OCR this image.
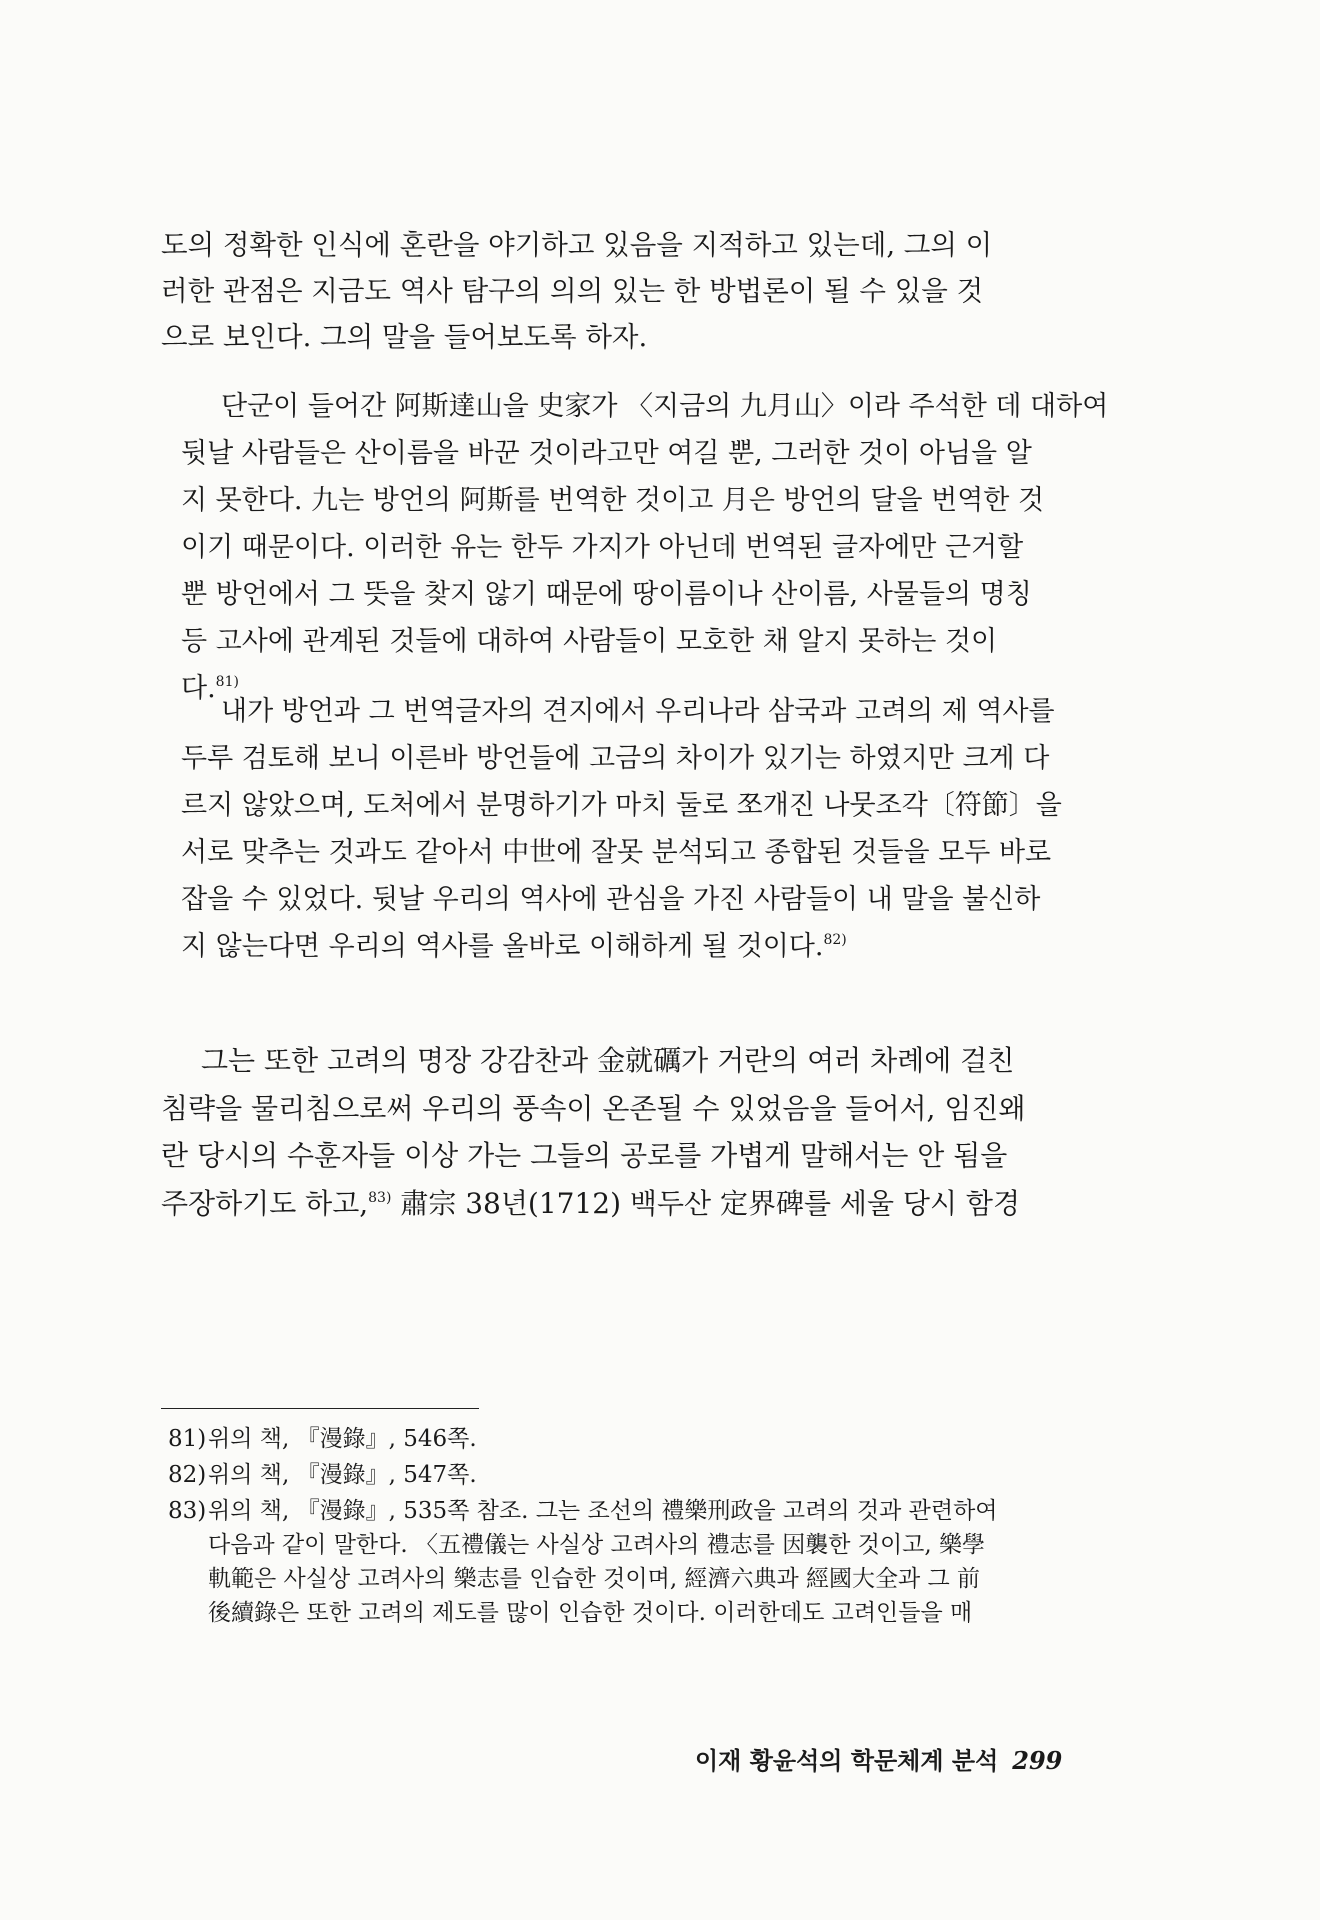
도의 정확한 인식에 혼란을 야기하고 있음을 지적하고 있는데, 그의 이
러한 관점은 지금도 역사 탐구의 의의 있는 한 방법론이 될 수 있을 것
으로 보인다. 그의 말을 들어보도록 하자.

단군이 들어간 阿斯達山을 史家가 〈지금의 九月山〉이라 주석한 데 대하여
뒷날 사람들은 산이름을 바꾼 것이라고만 여길 뿐, 그러한 것이 아님을 알
지 못한다. 九는 방언의 阿斯를 번역한 것이고 月은 방언의 달을 번역한 것
이기 때문이다. 이러한 유는 한두 가지가 아닌데 번역된 글자에만 근거할
뿐 방언에서 그 뜻을 찾지 않기 때문에 땅이름이나 산이름, 사물들의 명칭
등 고사에 관계된 것들에 대하여 사람들이 모호한 채 알지 못하는 것이
다.$^{81)}$

내가 방언과 그 번역글자의 견지에서 우리나라 삼국과 고려의 제 역사를
두루 검토해 보니 이른바 방언들에 고금의 차이가 있기는 하였지만 크게 다
르지 않았으며, 도처에서 분명하기가 마치 둘로 쪼개진 나뭇조각〔符節〕을
서로 맞추는 것과도 같아서 中世에 잘못 분석되고 종합된 것들을 모두 바로
잡을 수 있었다. 뒷날 우리의 역사에 관심을 가진 사람들이 내 말을 불신하
지 않는다면 우리의 역사를 올바로 이해하게 될 것이다.$^{82)}$

그는 또한 고려의 명장 강감찬과 金就礪가 거란의 여러 차례에 걸친
침략을 물리침으로써 우리의 풍속이 온존될 수 있었음을 들어서, 임진왜
란 당시의 수훈자들 이상 가는 그들의 공로를 가볍게 말해서는 안 됨을
주장하기도 하고,$^{83)}$ 肅宗 38년(1712) 백두산 定界碑를 세울 당시 함경

81)위의 책, 『漫錄』, 546쪽.

82)위의 책, 『漫錄』, 547쪽.

83)위의 책, 『漫錄』, 535쪽 참조. 그는 조선의 禮樂刑政을 고려의 것과 관련하여
다음과 같이 말한다. 〈五禮儀는 사실상 고려사의 禮志를 因襲한 것이고, 樂學
軌範은 사실상 고려사의 樂志를 인습한 것이며, 經濟六典과 經國大全과 그 前
後續錄은 또한 고려의 제도를 많이 인습한 것이다. 이러한데도 고려인들을 매

이재 황윤석의 학문체계 분석 299
